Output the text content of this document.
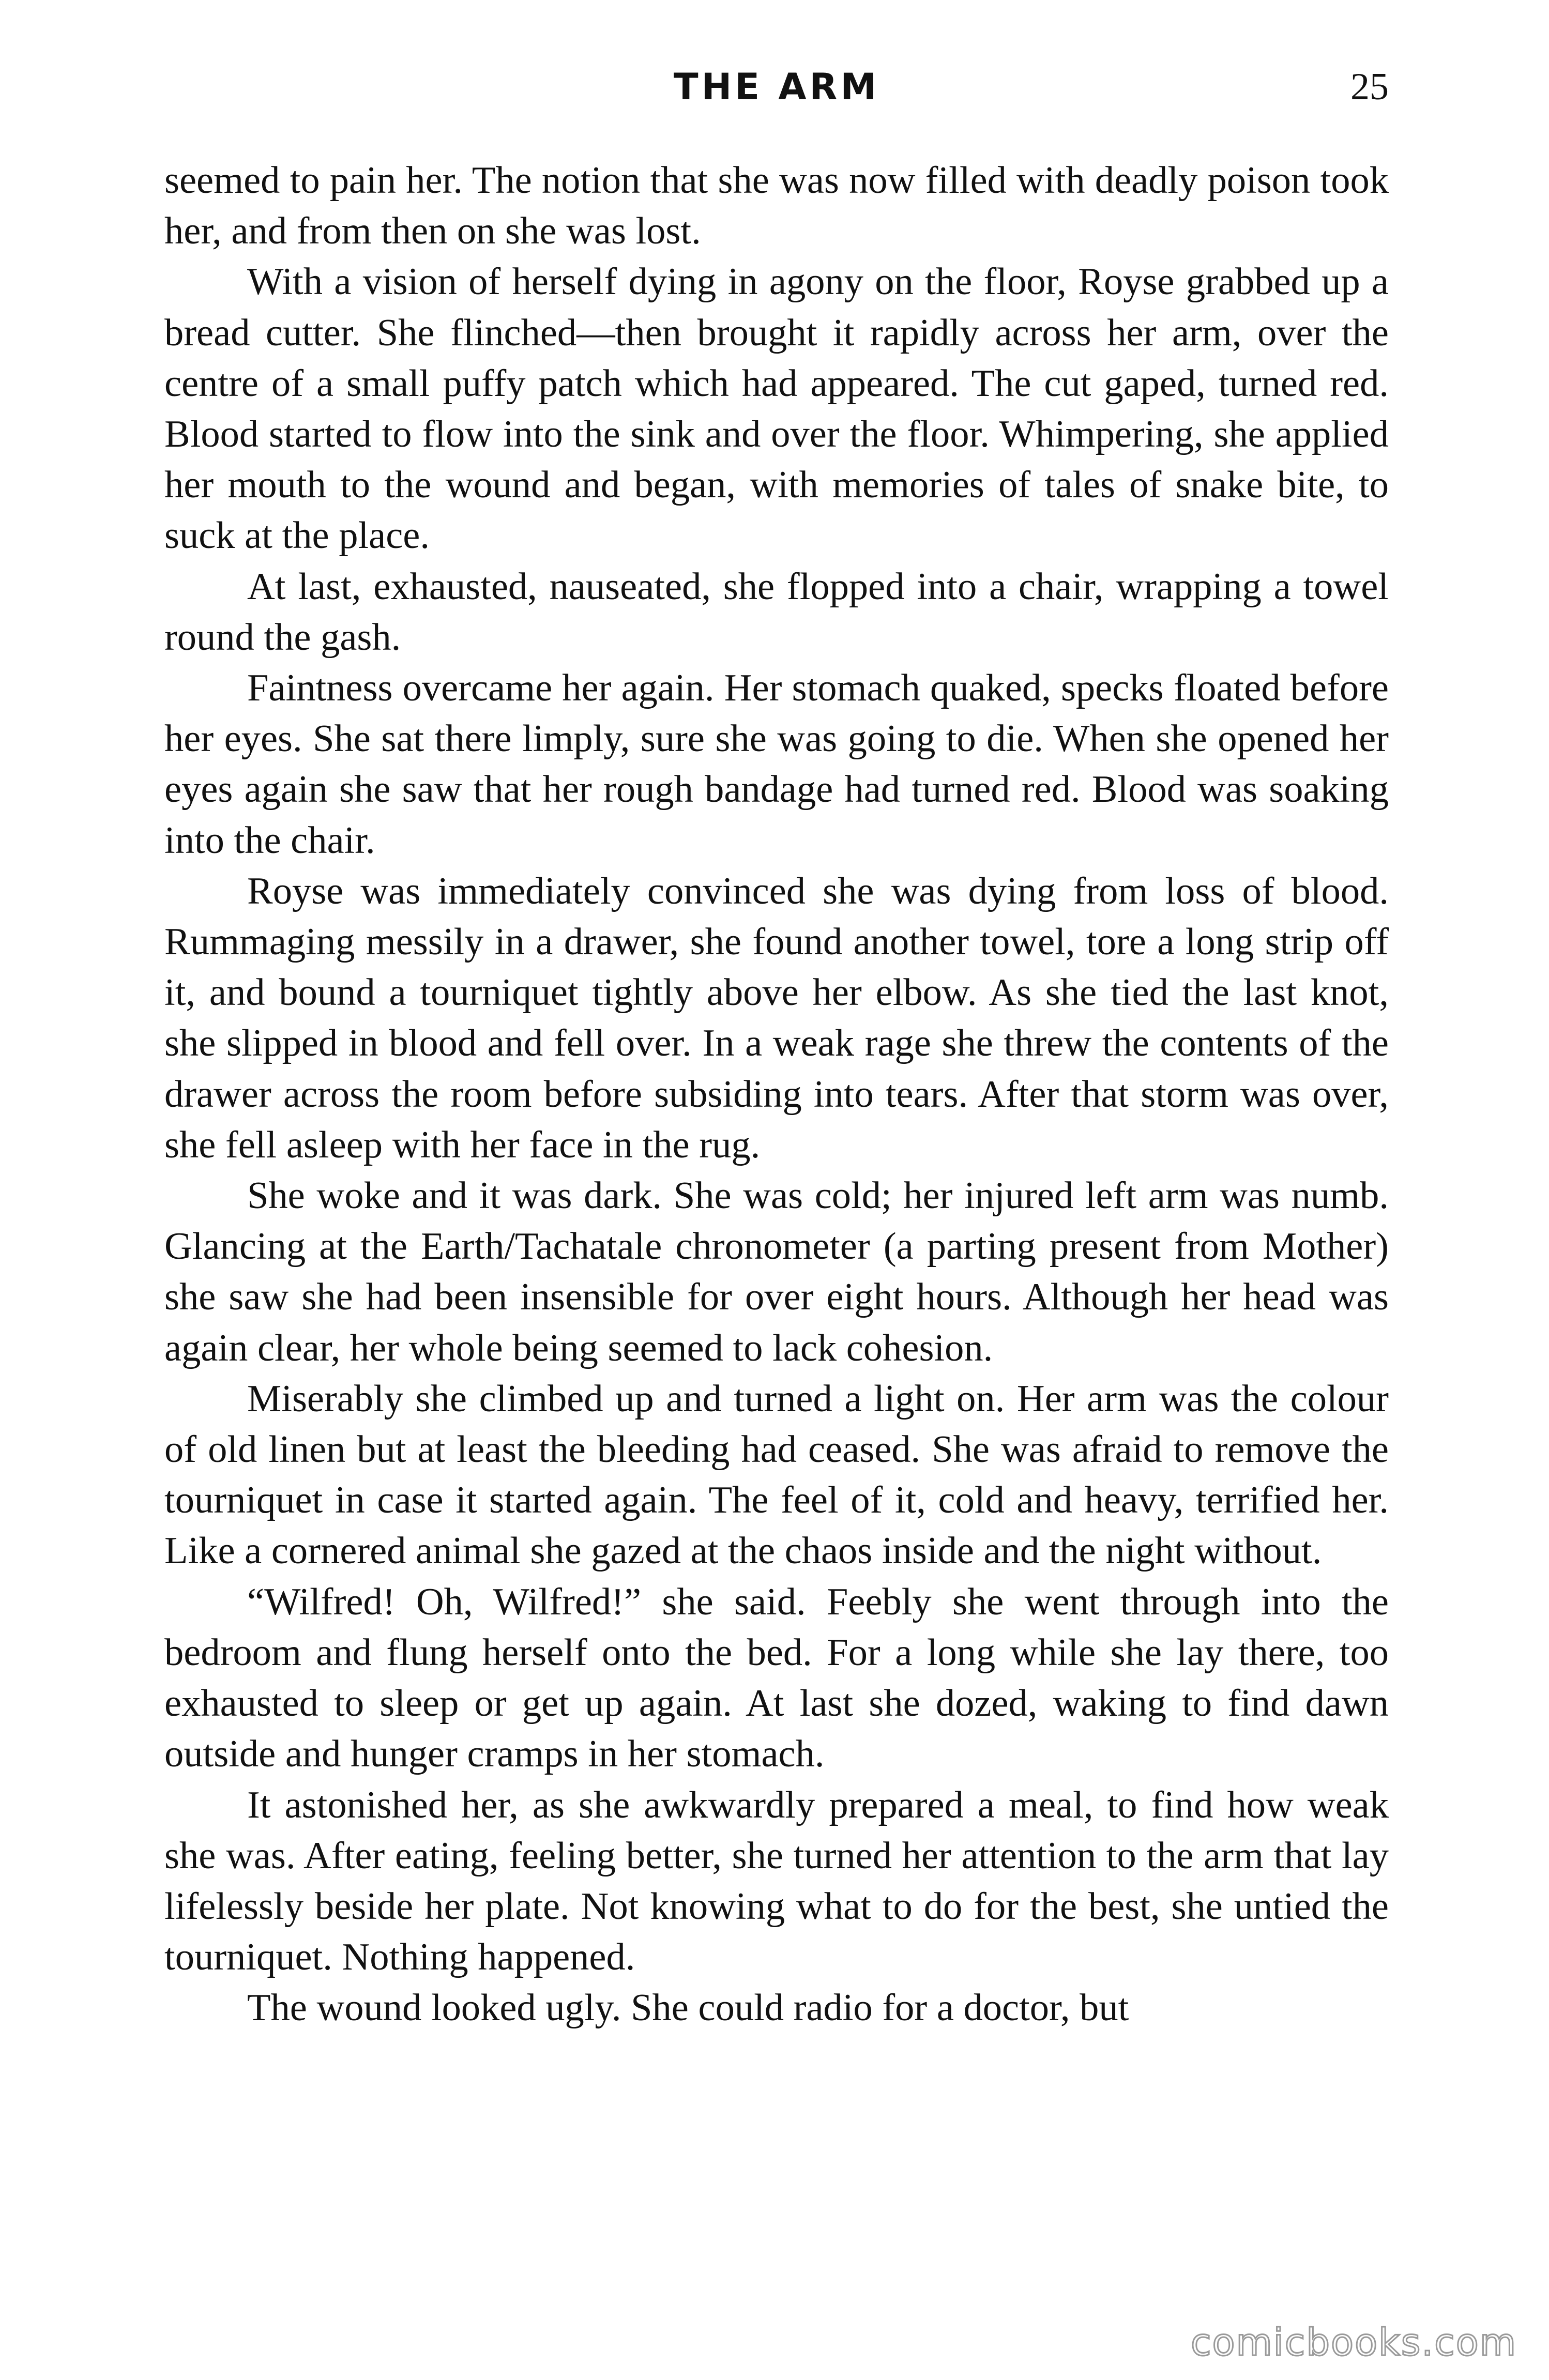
THE ARM	25

seemed to pain her. The notion that she was now filled with deadly poison took her, and from then on she was lost.

With a vision of herself dying in agony on the floor, Royse grabbed up a bread cutter. She flinched—then brought it rapidly across her arm, over the centre of a small puffy patch which had appeared. The cut gaped, turned red. Blood started to flow into the sink and over the floor. Whimpering, she applied her mouth to the wound and began, with memories of tales of snake bite, to suck at the place.

At last, exhausted, nauseated, she flopped into a chair, wrapping a towel round the gash.

Faintness overcame her again. Her stomach quaked, specks floated before her eyes. She sat there limply, sure she was going to die. When she opened her eyes again she saw that her rough bandage had turned red. Blood was soaking into the chair.

Royse was immediately convinced she was dying from loss of blood. Rummaging messily in a drawer, she found another towel, tore a long strip off it, and bound a tourniquet tightly above her elbow. As she tied the last knot, she slipped in blood and fell over. In a weak rage she threw the contents of the drawer across the room before subsiding into tears. After that storm was over, she fell asleep with her face in the rug.

She woke and it was dark. She was cold; her injured left arm was numb. Glancing at the Earth/Tachatale chronometer (a parting present from Mother) she saw she had been insensible for over eight hours. Although her head was again clear, her whole being seemed to lack cohesion.

Miserably she climbed up and turned a light on. Her arm was the colour of old linen but at least the bleeding had ceased. She was afraid to remove the tourniquet in case it started again. The feel of it, cold and heavy, terrified her. Like a cornered animal she gazed at the chaos inside and the night without.

“Wilfred! Oh, Wilfred!” she said. Feebly she went through into the bedroom and flung herself onto the bed. For a long while she lay there, too exhausted to sleep or get up again. At last she dozed, waking to find dawn outside and hunger cramps in her stomach.

It astonished her, as she awkwardly prepared a meal, to find how weak she was. After eating, feeling better, she turned her attention to the arm that lay lifelessly beside her plate. Not knowing what to do for the best, she untied the tourniquet. Nothing happened.

The wound looked ugly. She could radio for a doctor, but

comicbooks.com
